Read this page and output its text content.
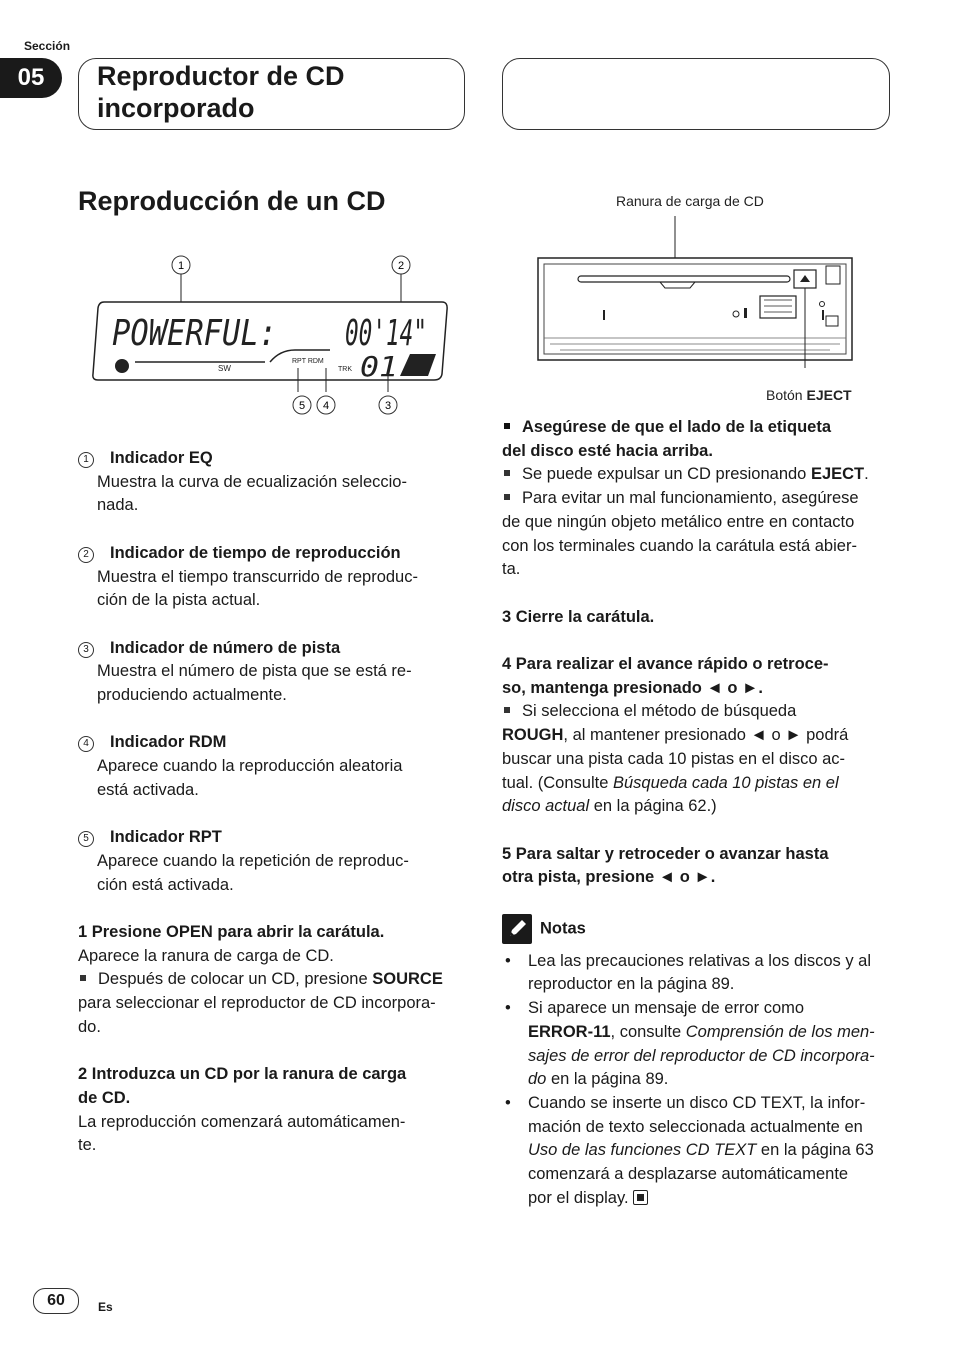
Sección
05	Reproductor de CD
incorporado
Reproducción de un CD
1	2
POWERFUL: 00'14"
SW
RPT RDM
TRK 01
5 4	3
Ranura de carga de CD
Botón EJECT
1 Indicador EQ
Muestra la curva de ecualización seleccio-
nada.
2 Indicador de tiempo de reproducción
Muestra el tiempo transcurrido de reproduc-
ción de la pista actual.
3 Indicador de número de pista
Muestra el número de pista que se está re-
produciendo actualmente.
4 Indicador RDM
Aparece cuando la reproducción aleatoria
está activada.
5 Indicador RPT
Aparece cuando la repetición de reproduc-
ción está activada.
1 Presione OPEN para abrir la carátula.
Aparece la ranura de carga de CD.
Después de colocar un CD, presione SOURCE
para seleccionar el reproductor de CD incorpora-
do.
2 Introduzca un CD por la ranura de carga
de CD.
La reproducción comenzará automáticamen-
te.
Asegúrese de que el lado de la etiqueta
del disco esté hacia arriba.
Se puede expulsar un CD presionando EJECT.
Para evitar un mal funcionamiento, asegúrese
de que ningún objeto metálico entre en contacto
con los terminales cuando la carátula está abier-
ta.
3 Cierre la carátula.
4 Para realizar el avance rápido o retroce-
so, mantenga presionado ◄ o ►.
Si selecciona el método de búsqueda
ROUGH, al mantener presionado ◄ o ► podrá
buscar una pista cada 10 pistas en el disco ac-
tual. (Consulte Búsqueda cada 10 pistas en el
disco actual en la página 62.)
5 Para saltar y retroceder o avanzar hasta
otra pista, presione ◄ o ►.
Notas
• Lea las precauciones relativas a los discos y al
reproductor en la página 89.
• Si aparece un mensaje de error como
ERROR-11, consulte Comprensión de los men-
sajes de error del reproductor de CD incorpora-
do en la página 89.
• Cuando se inserte un disco CD TEXT, la infor-
mación de texto seleccionada actualmente en
Uso de las funciones CD TEXT en la página 63
comenzará a desplazarse automáticamente
por el display.
60	Es
